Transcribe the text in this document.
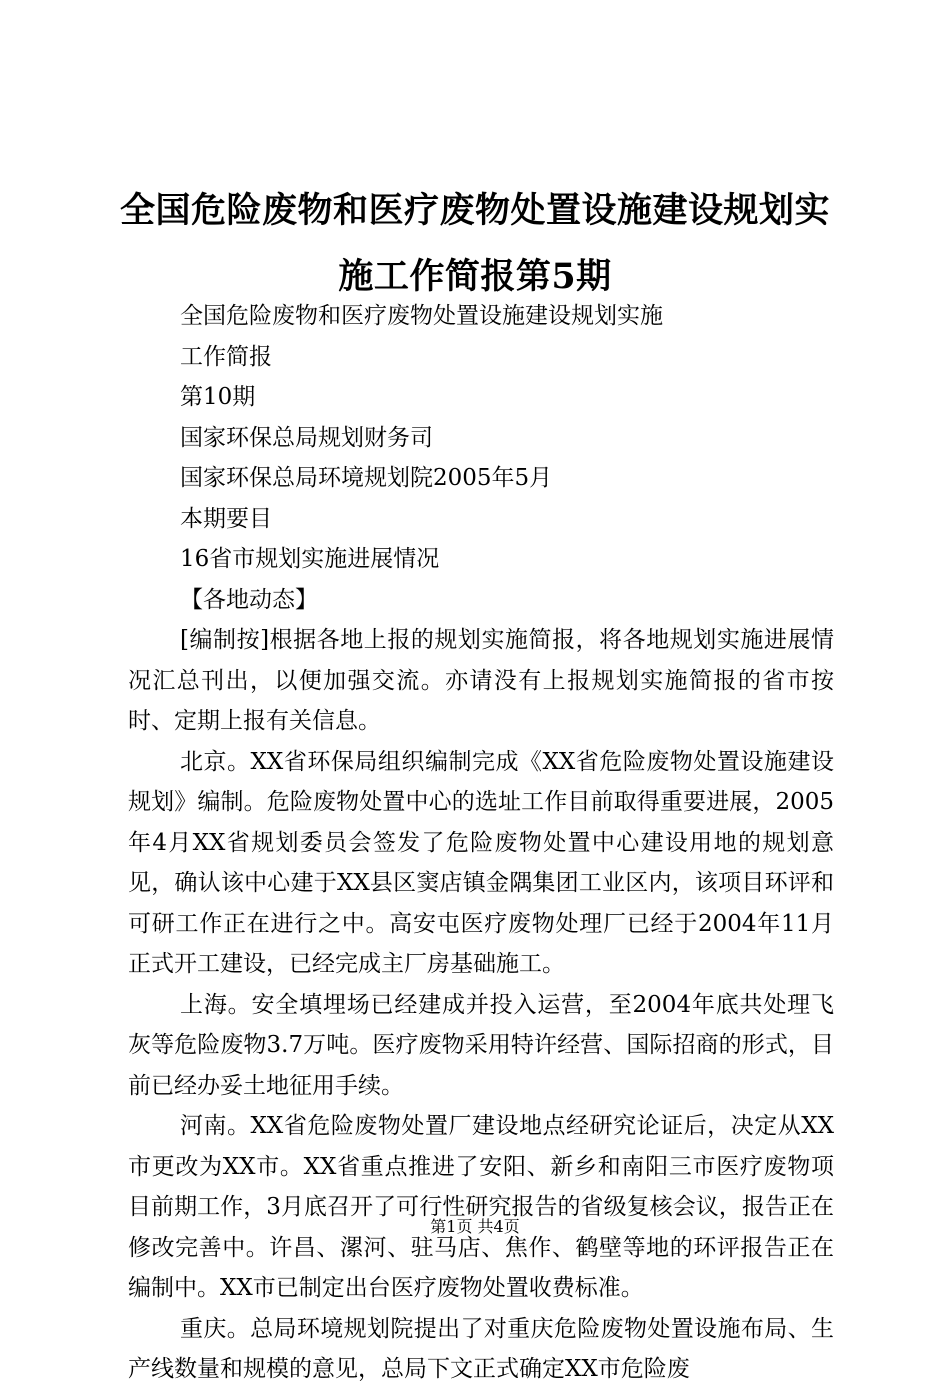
全国危险废物和医疗废物处置设施建设规划实
施工作简报第5期
全国危险废物和医疗废物处置设施建设规划实施
工作简报
第10期
国家环保总局规划财务司
国家环保总局环境规划院2005年5月
本期要目
16省市规划实施进展情况
【各地动态】
[编制按]根据各地上报的规划实施简报，将各地规划实施进展情况汇总刊出，以便加强交流。亦请没有上报规划实施简报的省市按时、定期上报有关信息。
北京。XX省环保局组织编制完成《XX省危险废物处置设施建设规划》编制。危险废物处置中心的选址工作目前取得重要进展，2005年4月XX省规划委员会签发了危险废物处置中心建设用地的规划意见，确认该中心建于XX县区窦店镇金隅集团工业区内，该项目环评和可研工作正在进行之中。高安屯医疗废物处理厂已经于2004年11月正式开工建设，已经完成主厂房基础施工。
上海。安全填埋场已经建成并投入运营，至2004年底共处理飞灰等危险废物3.7万吨。医疗废物采用特许经营、国际招商的形式，目前已经办妥土地征用手续。
河南。XX省危险废物处置厂建设地点经研究论证后，决定从XX市更改为XX市。XX省重点推进了安阳、新乡和南阳三市医疗废物项目前期工作，3月底召开了可行性研究报告的省级复核会议，报告正在修改完善中。许昌、漯河、驻马店、焦作、鹤壁等地的环评报告正在编制中。XX市已制定出台医疗废物处置收费标准。
重庆。总局环境规划院提出了对重庆危险废物处置设施布局、生产线数量和规模的意见，总局下文正式确定XX市危险废
第1页 共4页
